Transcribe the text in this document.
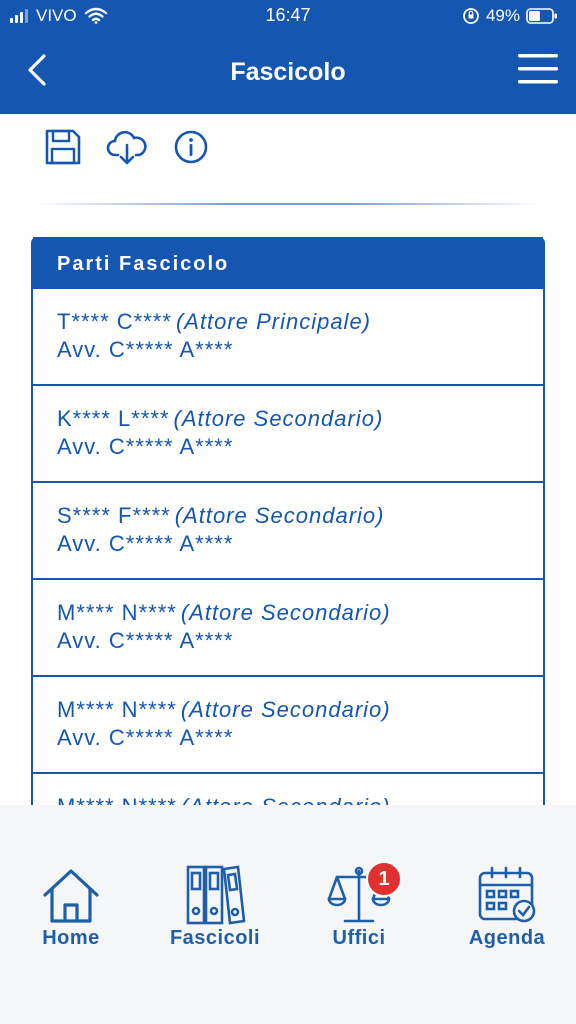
VIVO	16:47	49%
Fascicolo
Parti Fascicolo
T**** C**** (Attore Principale)
Avv. C***** A****
K**** L**** (Attore Secondario)
Avv. C***** A****
S**** F**** (Attore Secondario)
Avv. C***** A****
M**** N**** (Attore Secondario)
Avv. C***** A****
M**** N**** (Attore Secondario)
Avv. C***** A****
Home	Fascicoli
1
Uffici	Agenda
